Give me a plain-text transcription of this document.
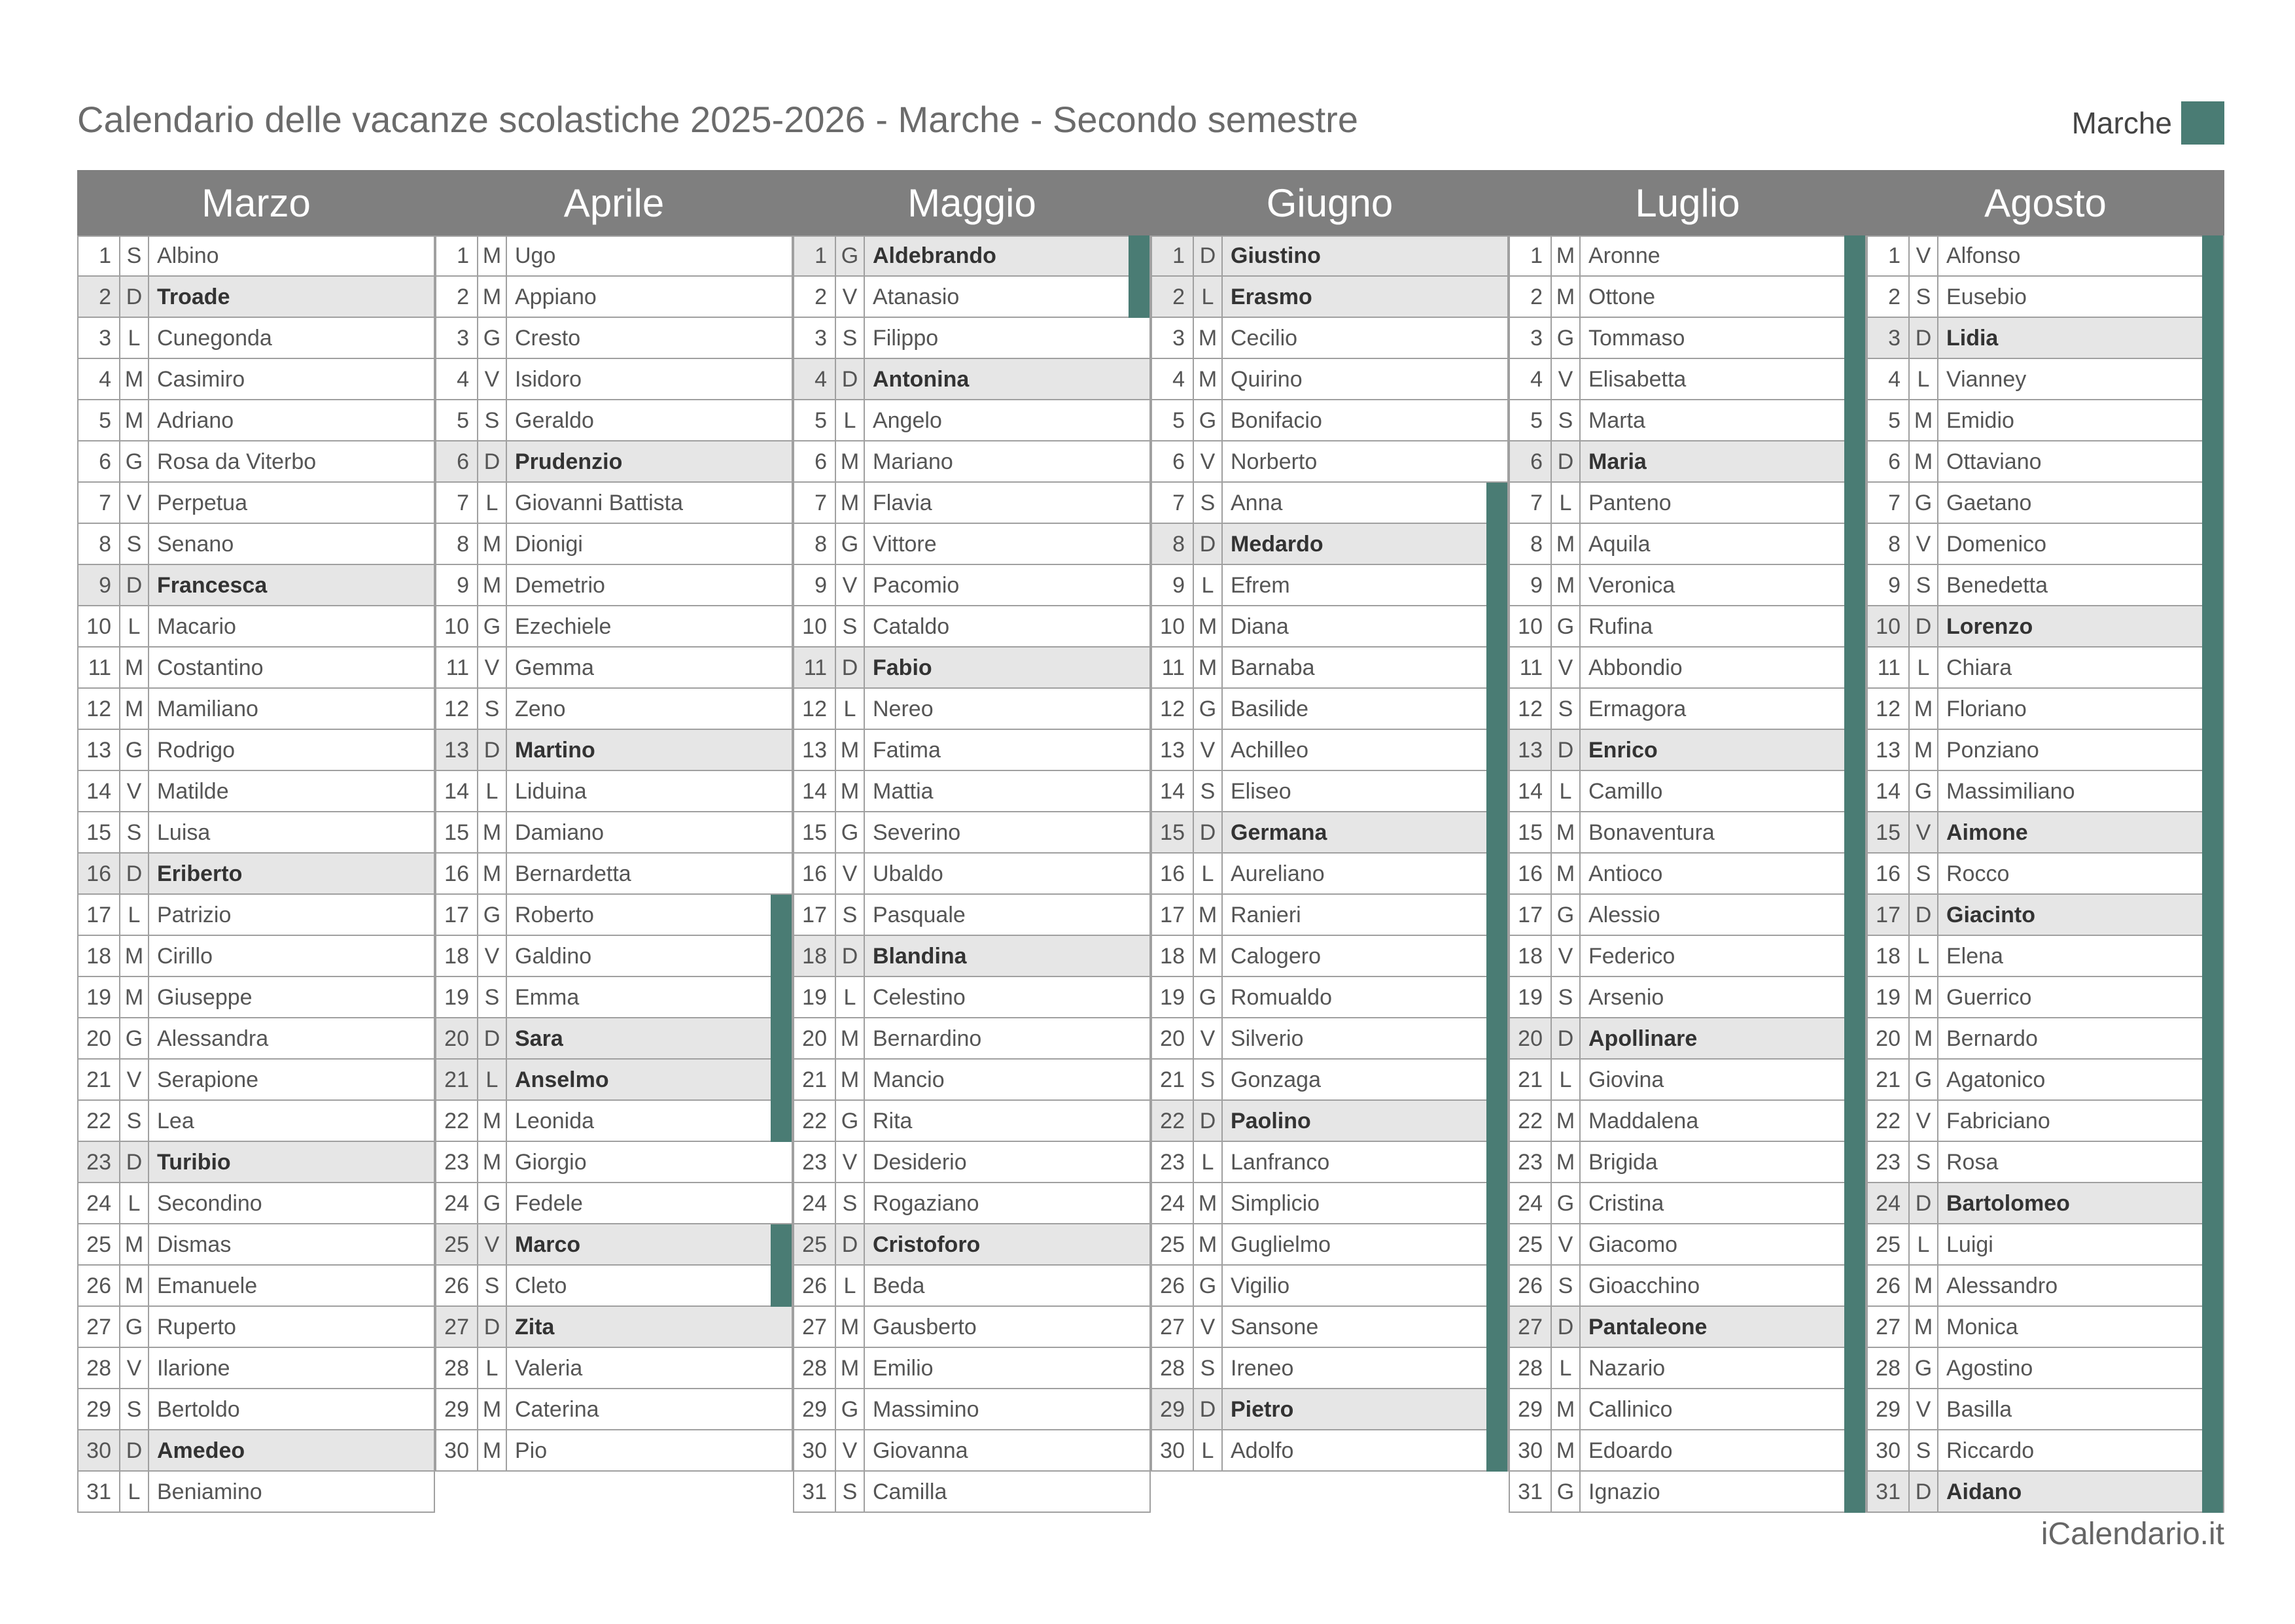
Calendario delle vacanze scolastiche 2025-2026 - Marche - Secondo semestre	Marche
Marzo
1 S Albino
2 D Troade
3 L Cunegonda
4 M Casimiro
5 M Adriano
6 G Rosa da Viterbo
7 V Perpetua
8 S Senano
9 D Francesca
10 L Macario
11 M Costantino
12 M Mamiliano
13 G Rodrigo
14 V Matilde
15 S Luisa
16 D Eriberto
17 L Patrizio
18 M Cirillo
19 M Giuseppe
20 G Alessandra
21 V Serapione
22 S Lea
23 D Turibio
24 L Secondino
25 M Dismas
26 M Emanuele
27 G Ruperto
28 V Ilarione
29 S Bertoldo
30 D Amedeo
31 L Beniamino
Aprile
1 M Ugo
2 M Appiano
3 G Cresto
4 V Isidoro
5 S Geraldo
6 D Prudenzio
7 L Giovanni Battista
8 M Dionigi
9 M Demetrio
10 G Ezechiele
11 V Gemma
12 S Zeno
13 D Martino
14 L Liduina
15 M Damiano
16 M Bernardetta
17 G Roberto
18 V Galdino
19 S Emma
20 D Sara
21 L Anselmo
22 M Leonida
23 M Giorgio
24 G Fedele
25 V Marco
26 S Cleto
27 D Zita
28 L Valeria
29 M Caterina
30 M Pio
Maggio
1 G Aldebrando
2 V Atanasio
3 S Filippo
4 D Antonina
5 L Angelo
6 M Mariano
7 M Flavia
8 G Vittore
9 V Pacomio
10 S Cataldo
11 D Fabio
12 L Nereo
13 M Fatima
14 M Mattia
15 G Severino
16 V Ubaldo
17 S Pasquale
18 D Blandina
19 L Celestino
20 M Bernardino
21 M Mancio
22 G Rita
23 V Desiderio
24 S Rogaziano
25 D Cristoforo
26 L Beda
27 M Gausberto
28 M Emilio
29 G Massimino
30 V Giovanna
31 S Camilla
Giugno
1 D Giustino
2 L Erasmo
3 M Cecilio
4 M Quirino
5 G Bonifacio
6 V Norberto
7 S Anna
8 D Medardo
9 L Efrem
10 M Diana
11 M Barnaba
12 G Basilide
13 V Achilleo
14 S Eliseo
15 D Germana
16 L Aureliano
17 M Ranieri
18 M Calogero
19 G Romualdo
20 V Silverio
21 S Gonzaga
22 D Paolino
23 L Lanfranco
24 M Simplicio
25 M Guglielmo
26 G Vigilio
27 V Sansone
28 S Ireneo
29 D Pietro
30 L Adolfo
Luglio
1 M Aronne
2 M Ottone
3 G Tommaso
4 V Elisabetta
5 S Marta
6 D Maria
7 L Panteno
8 M Aquila
9 M Veronica
10 G Rufina
11 V Abbondio
12 S Ermagora
13 D Enrico
14 L Camillo
15 M Bonaventura
16 M Antioco
17 G Alessio
18 V Federico
19 S Arsenio
20 D Apollinare
21 L Giovina
22 M Maddalena
23 M Brigida
24 G Cristina
25 V Giacomo
26 S Gioacchino
27 D Pantaleone
28 L Nazario
29 M Callinico
30 M Edoardo
31 G Ignazio
Agosto
1 V Alfonso
2 S Eusebio
3 D Lidia
4 L Vianney
5 M Emidio
6 M Ottaviano
7 G Gaetano
8 V Domenico
9 S Benedetta
10 D Lorenzo
11 L Chiara
12 M Floriano
13 M Ponziano
14 G Massimiliano
15 V Aimone
16 S Rocco
17 D Giacinto
18 L Elena
19 M Guerrico
20 M Bernardo
21 G Agatonico
22 V Fabriciano
23 S Rosa
24 D Bartolomeo
25 L Luigi
26 M Alessandro
27 M Monica
28 G Agostino
29 V Basilla
30 S Riccardo
31 D Aidano
iCalendario.it
